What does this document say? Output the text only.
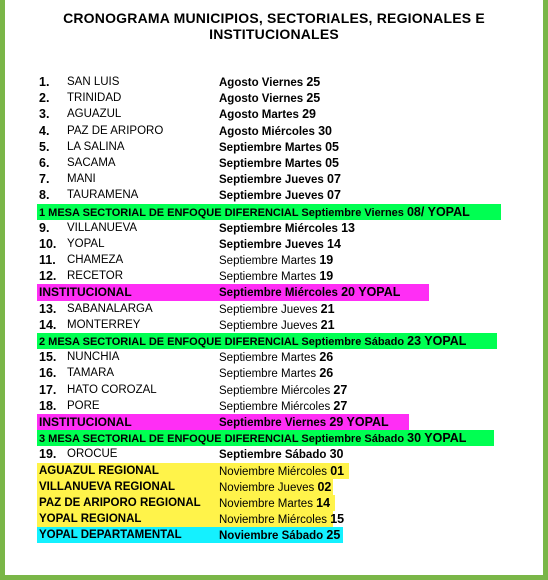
CRONOGRAMA MUNICIPIOS, SECTORIALES, REGIONALES E
INSTITUCIONALES
1.	SAN LUIS	Agosto Viernes 25
2.	TRINIDAD	Agosto Viernes 25
3.	AGUAZUL	Agosto Martes 29
4.	PAZ DE ARIPORO	Agosto Miércoles 30
5.	LA SALINA	Septiembre Martes 05
6.	SACAMA	Septiembre Martes 05
7.	MANI	Septiembre Jueves 07
8.	TAURAMENA	Septiembre Jueves 07
1 MESA SECTORIAL DE ENFOQUE DIFERENCIAL Septiembre Viernes 08/ YOPAL
9.	VILLANUEVA	Septiembre Miércoles 13
10. YOPAL	Septiembre Jueves 14
11. CHAMEZA	Septiembre Martes 19
12. RECETOR	Septiembre Martes 19
INSTITUCIONAL	Septiembre Miércoles 20 YOPAL
13. SABANALARGA	Septiembre Jueves 21
14. MONTERREY	Septiembre Jueves 21
2 MESA SECTORIAL DE ENFOQUE DIFERENCIAL Septiembre Sábado 23 YOPAL
15. NUNCHIA	Septiembre Martes 26
16. TAMARA	Septiembre Martes 26
17. HATO COROZAL	Septiembre Miércoles 27
18. PORE	Septiembre Miércoles 27
INSTITUCIONAL	Septiembre Viernes 29 YOPAL
3 MESA SECTORIAL DE ENFOQUE DIFERENCIAL Septiembre Sábado 30 YOPAL
19. OROCUE	Septiembre Sábado 30
AGUAZUL REGIONAL	Noviembre Miércoles 01
VILLANUEVA REGIONAL	Noviembre Jueves 02
PAZ DE ARIPORO REGIONAL Noviembre Martes 14
YOPAL REGIONAL	Noviembre Miércoles 15
YOPAL DEPARTAMENTAL	Noviembre Sábado 25
